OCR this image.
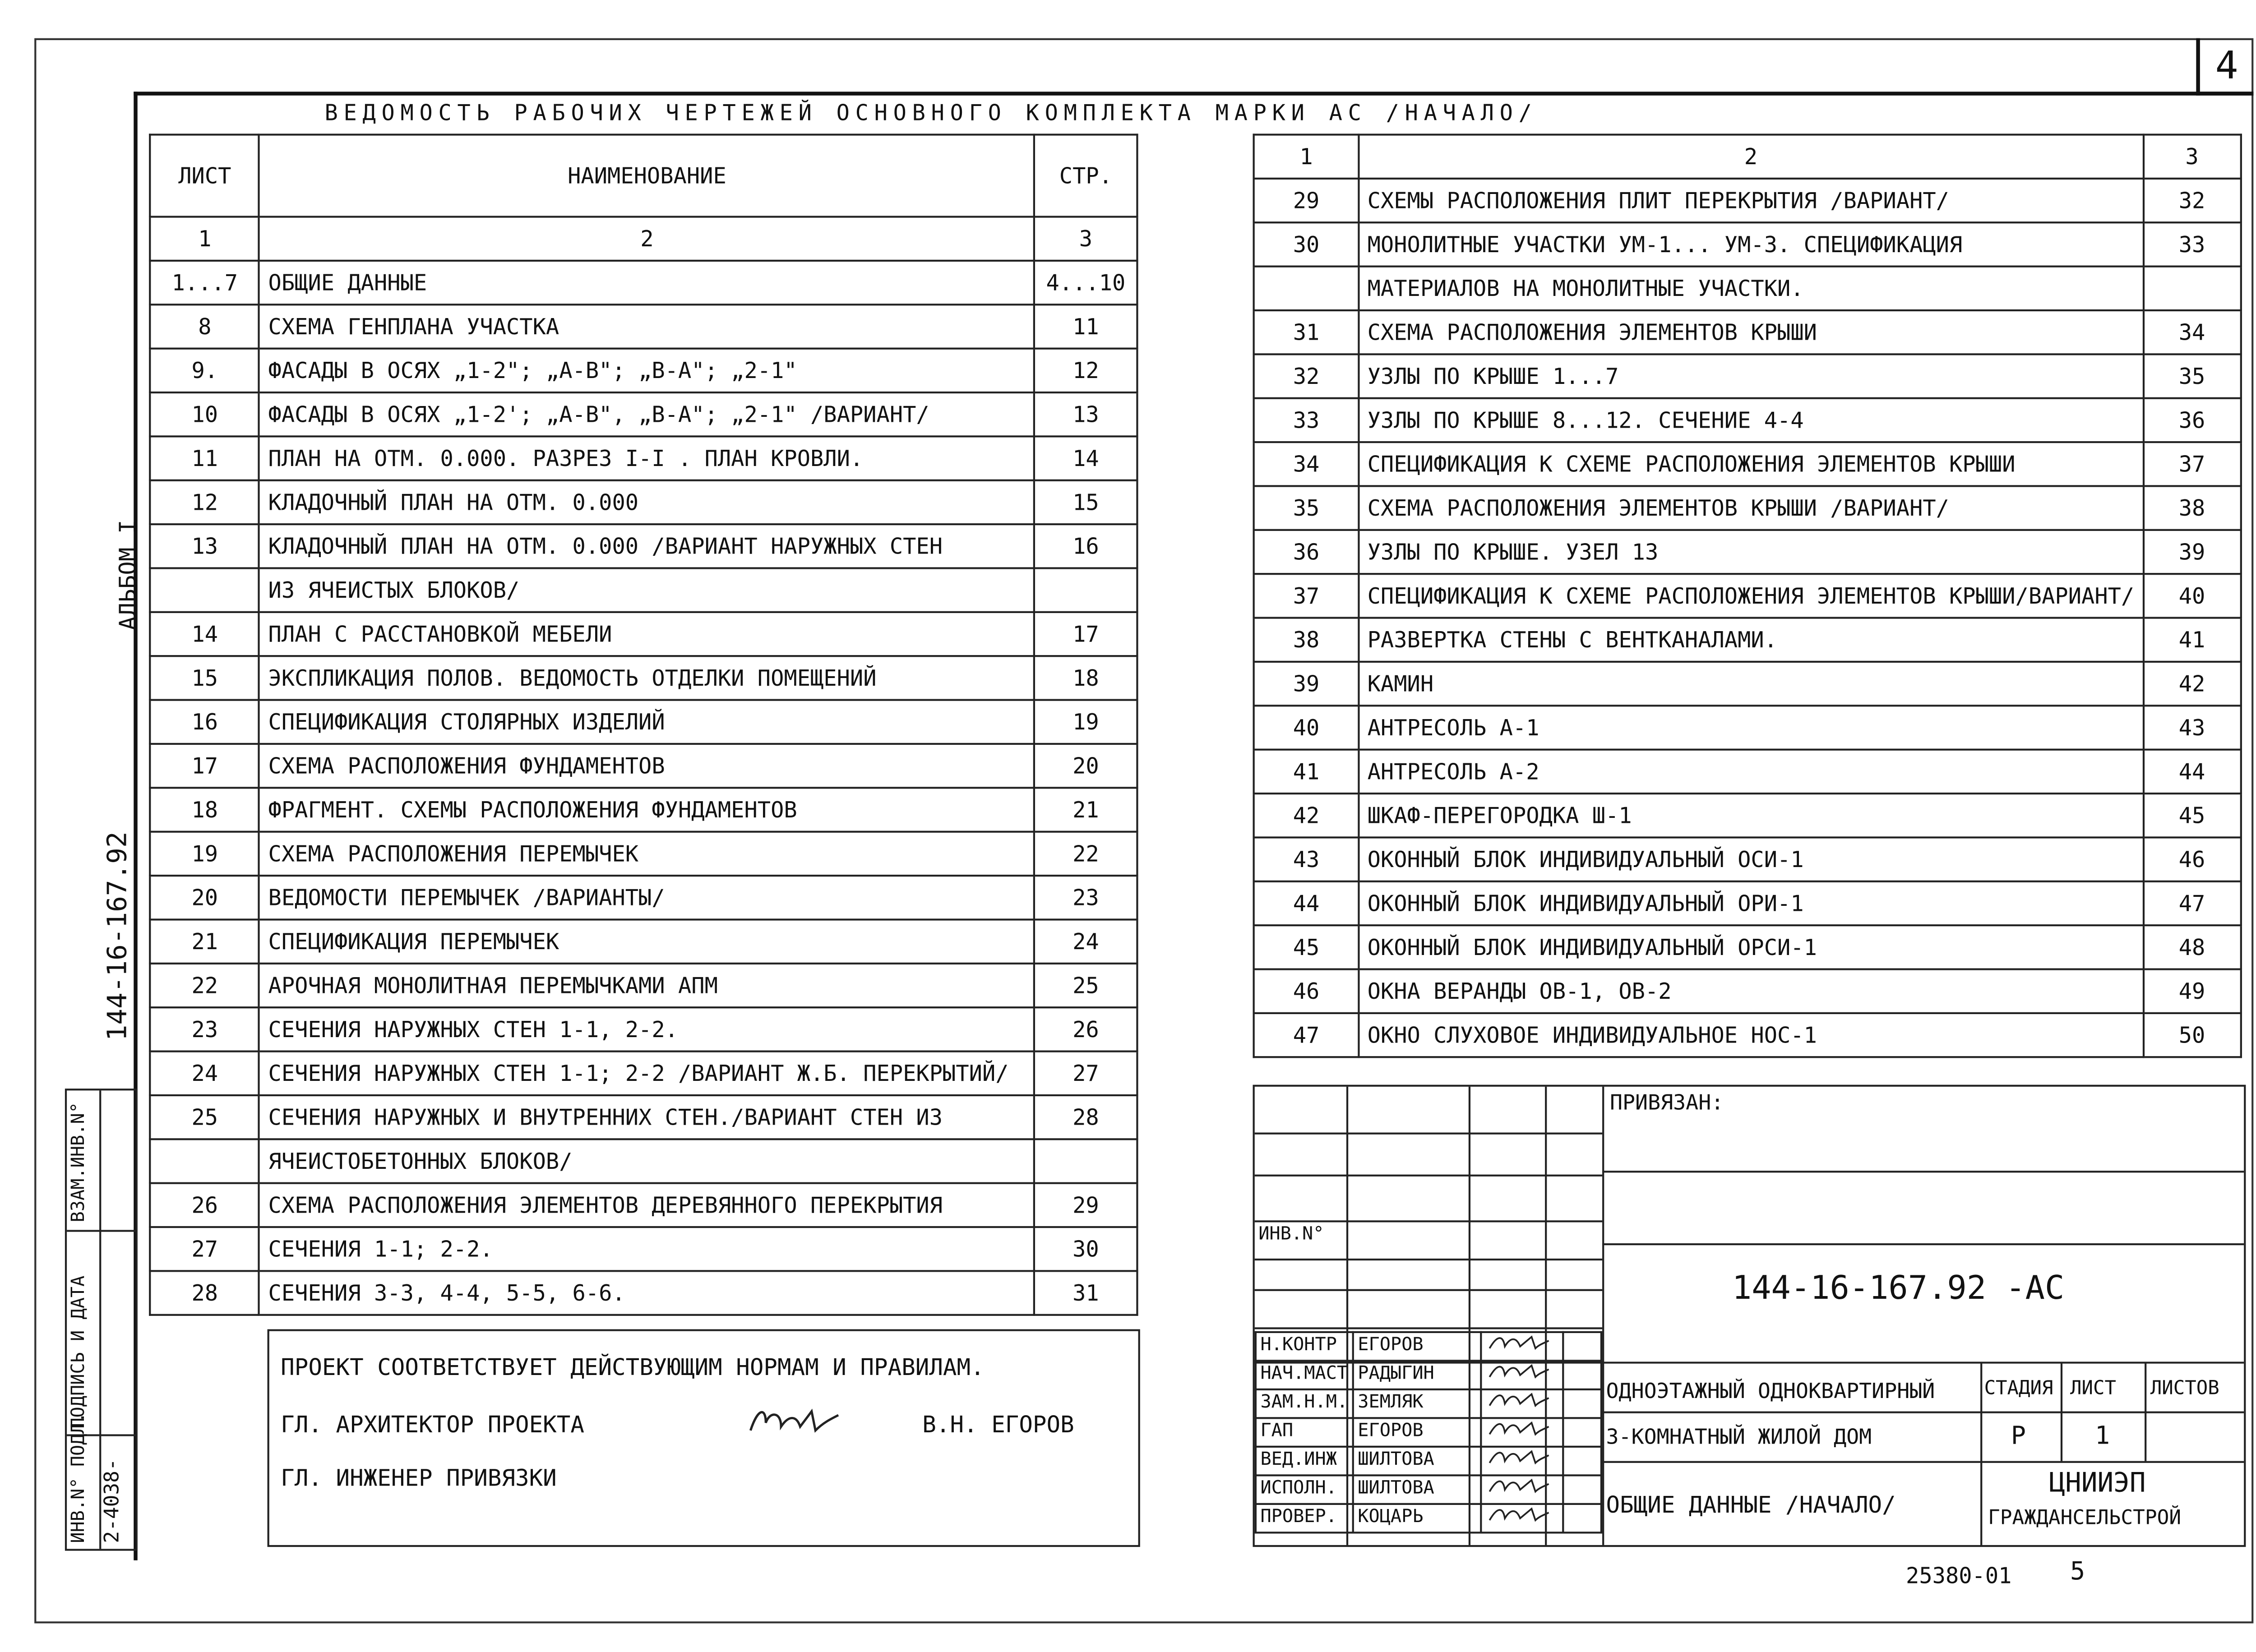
4
ВЕДОМОСТЬ РАБОЧИХ ЧЕРТЕЖЕЙ ОСНОВНОГО КОМПЛЕКТА МАРКИ АС /НАЧАЛО/
ЛИСТ	НАИМЕНОВАНИЕ	СТР.
1	2	3
1...7	ОБЩИЕ ДАННЫЕ	4...10
8	СХЕМА ГЕНПЛАНА УЧАСТКА	11
9.	ФАСАДЫ В ОСЯХ „1-2"; „А-В"; „В-А"; „2-1"	12
10	ФАСАДЫ В ОСЯХ „1-2'; „А-В", „В-А"; „2-1" /ВАРИАНТ/	13
11	ПЛАН НА ОТМ. 0.000. РАЗРЕЗ I-I . ПЛАН КРОВЛИ.	14
12	КЛАДОЧНЫЙ ПЛАН НА ОТМ. 0.000	15
13	КЛАДОЧНЫЙ ПЛАН НА ОТМ. 0.000 /ВАРИАНТ НАРУЖНЫХ СТЕН	16
	ИЗ ЯЧЕИСТЫХ БЛОКОВ/	
14	ПЛАН С РАССТАНОВКОЙ МЕБЕЛИ	17
15	ЭКСПЛИКАЦИЯ ПОЛОВ. ВЕДОМОСТЬ ОТДЕЛКИ ПОМЕЩЕНИЙ	18
16	СПЕЦИФИКАЦИЯ СТОЛЯРНЫХ ИЗДЕЛИЙ	19
17	СХЕМА РАСПОЛОЖЕНИЯ ФУНДАМЕНТОВ	20
18	ФРАГМЕНТ. СХЕМЫ РАСПОЛОЖЕНИЯ ФУНДАМЕНТОВ	21
19	СХЕМА РАСПОЛОЖЕНИЯ ПЕРЕМЫЧЕК	22
20	ВЕДОМОСТИ ПЕРЕМЫЧЕК /ВАРИАНТЫ/	23
21	СПЕЦИФИКАЦИЯ ПЕРЕМЫЧЕК	24
22	АРОЧНАЯ МОНОЛИТНАЯ ПЕРЕМЫЧКАМИ АПМ	25
23	СЕЧЕНИЯ НАРУЖНЫХ СТЕН 1-1, 2-2.	26
24	СЕЧЕНИЯ НАРУЖНЫХ СТЕН 1-1; 2-2 /ВАРИАНТ Ж.Б. ПЕРЕКРЫТИЙ/	27
25	СЕЧЕНИЯ НАРУЖНЫХ И ВНУТРЕННИХ СТЕН./ВАРИАНТ СТЕН ИЗ	28
	ЯЧЕИСТОБЕТОННЫХ БЛОКОВ/	
26	СХЕМА РАСПОЛОЖЕНИЯ ЭЛЕМЕНТОВ ДЕРЕВЯННОГО ПЕРЕКРЫТИЯ	29
27	СЕЧЕНИЯ 1-1; 2-2.	30
28	СЕЧЕНИЯ 3-3, 4-4, 5-5, 6-6.	31
1	2	3
29	СХЕМЫ РАСПОЛОЖЕНИЯ ПЛИТ ПЕРЕКРЫТИЯ /ВАРИАНТ/	32
30	МОНОЛИТНЫЕ УЧАСТКИ УМ-1... УМ-3. СПЕЦИФИКАЦИЯ	33
	МАТЕРИАЛОВ НА МОНОЛИТНЫЕ УЧАСТКИ.	
31	СХЕМА РАСПОЛОЖЕНИЯ ЭЛЕМЕНТОВ КРЫШИ	34
32	УЗЛЫ ПО КРЫШЕ 1...7	35
33	УЗЛЫ ПО КРЫШЕ 8...12. СЕЧЕНИЕ 4-4	36
34	СПЕЦИФИКАЦИЯ К СХЕМЕ РАСПОЛОЖЕНИЯ ЭЛЕМЕНТОВ КРЫШИ	37
35	СХЕМА РАСПОЛОЖЕНИЯ ЭЛЕМЕНТОВ КРЫШИ /ВАРИАНТ/	38
36	УЗЛЫ ПО КРЫШЕ. УЗЕЛ 13	39
37	СПЕЦИФИКАЦИЯ К СХЕМЕ РАСПОЛОЖЕНИЯ ЭЛЕМЕНТОВ КРЫШИ/ВАРИАНТ/	40
38	РАЗВЕРТКА СТЕНЫ С ВЕНТКАНАЛАМИ.	41
39	КАМИН	42
40	АНТРЕСОЛЬ А-1	43
41	АНТРЕСОЛЬ А-2	44
42	ШКАФ-ПЕРЕГОРОДКА Ш-1	45
43	ОКОННЫЙ БЛОК ИНДИВИДУАЛЬНЫЙ ОСИ-1	46
44	ОКОННЫЙ БЛОК ИНДИВИДУАЛЬНЫЙ ОРИ-1	47
45	ОКОННЫЙ БЛОК ИНДИВИДУАЛЬНЫЙ ОРСИ-1	48
46	ОКНА ВЕРАНДЫ ОВ-1, ОВ-2	49
47	ОКНО СЛУХОВОЕ ИНДИВИДУАЛЬНОЕ НОС-1	50
ПРОЕКТ СООТВЕТСТВУЕТ ДЕЙСТВУЮЩИМ НОРМАМ И ПРАВИЛАМ.
ГЛ. АРХИТЕКТОР ПРОЕКТА	В.Н. ЕГОРОВ
ГЛ. ИНЖЕНЕР ПРИВЯЗКИ
ИНВ.N°
ПРИВЯЗАН:
144-16-167.92 -АС
Н.КОНТР	ЕГОРОВ		
НАЧ.МАСТ	РАДЫГИН		
ЗАМ.Н.М.	ЗЕМЛЯК		
ГАП	ЕГОРОВ		
ВЕД.ИНЖ	ШИЛТОВА		
ИСПОЛН.	ШИЛТОВА		
ПРОВЕР.	КОЦАРЬ		
ОДНОЭТАЖНЫЙ ОДНОКВАРТИРНЫЙ
3-КОМНАТНЫЙ ЖИЛОЙ ДОМ
СТАДИЯ	ЛИСТ	ЛИСТОВ
Р	1
ОБЩИЕ ДАННЫЕ /НАЧАЛО/
ЦНИИЭП
ГРАЖДАНСЕЛЬСТРОЙ
АЛЬБОМ I
144-16-167.92
ВЗАМ.ИНВ.N°
ПОДПИСЬ И ДАТА
ИНВ.N° ПОДЛ. 2-4038-
25380-01	5
